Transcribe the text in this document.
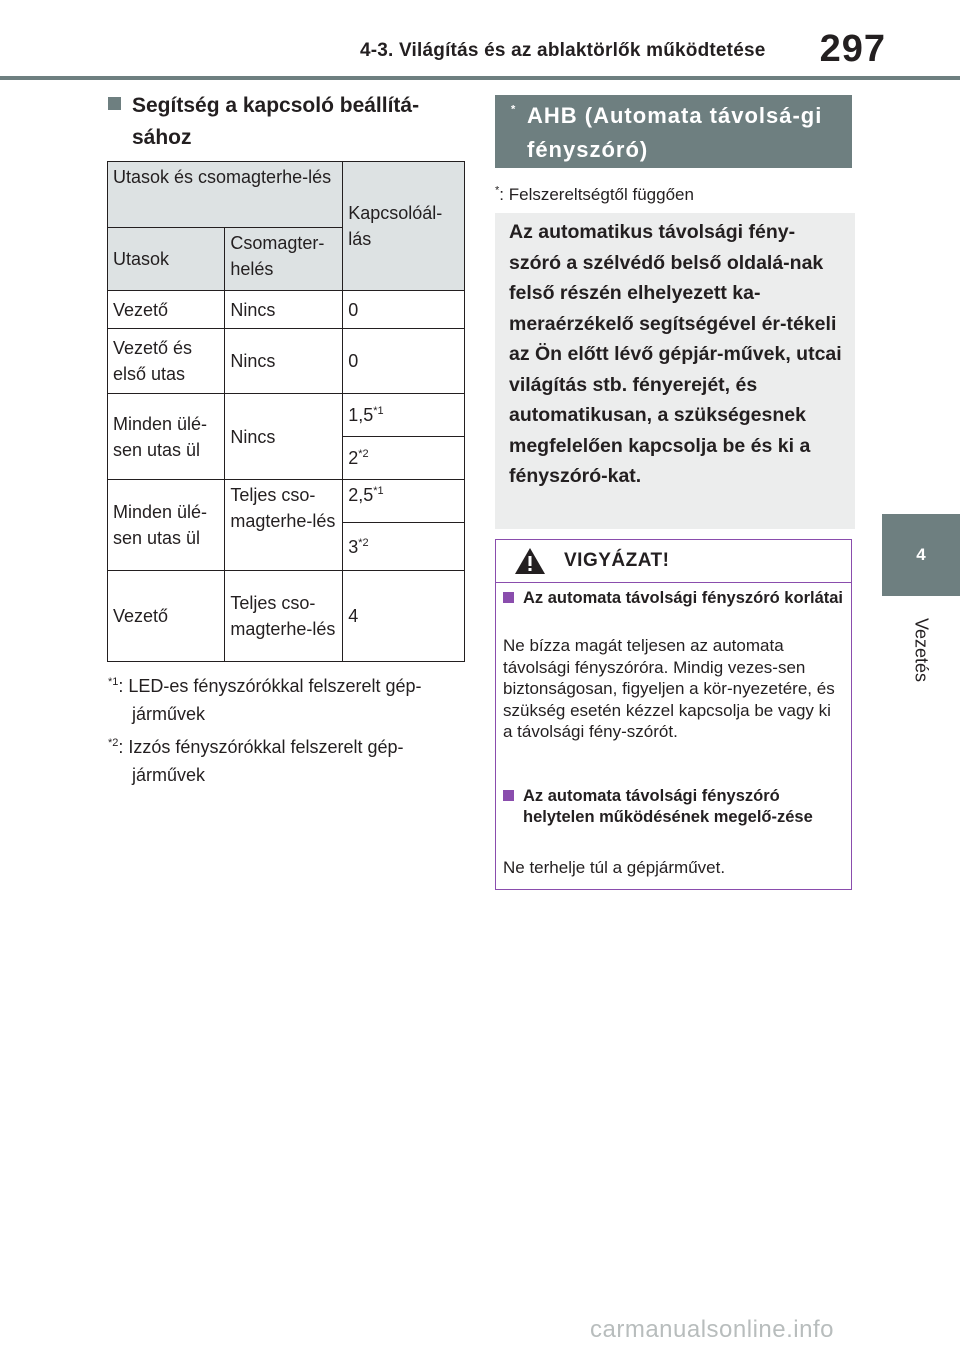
4-3. Világítás és az ablaktörlők működtetése 297
4
Vezetés
Segítség a kapcsoló beállítá-sához
Utasok és csomagterhe-lés		Kapcsolóál-lás
Utasok	Csomagter-helés	
Vezető	Nincs	0
Vezető és első utas	Nincs	0
Minden ülé-sen utas ül	Nincs	1,5$^{*1}$
		2$^{*2}$
Minden ülé-sen utas ül	Teljes cso-magterhe-lés	2,5$^{*1}$
		3$^{*2}$
Vezető	Teljes cso-magterhe-lés	4
$^{*1}$: LED-es fényszórókkal felszerelt gép-
járművek
$^{*2}$: Izzós fényszórókkal felszerelt gép-
járművek
AHB (Automata távolsá-gi fényszóró)
*
*: Felszereltségtől függően
Az automatikus távolsági fény-szóró a szélvédő belső oldalá-nak felső részén elhelyezett ka-meraérzékelő segítségével ér-tékeli az Ön előtt lévő gépjár-művek, utcai világítás stb. fényerejét, és automatikusan, a szükségesnek megfelelően kapcsolja be és ki a fényszóró-kat.
VIGYÁZAT!
Az automata távolsági fényszóró korlátai
Ne bízza magát teljesen az automata távolsági fényszóróra. Mindig vezes-sen biztonságosan, figyeljen a kör-nyezetére, és szükség esetén kézzel kapcsolja be vagy ki a távolsági fény-szórót.
Az automata távolsági fényszóró helytelen működésének megelő-zése
Ne terhelje túl a gépjárművet.
carmanualsonline.info
